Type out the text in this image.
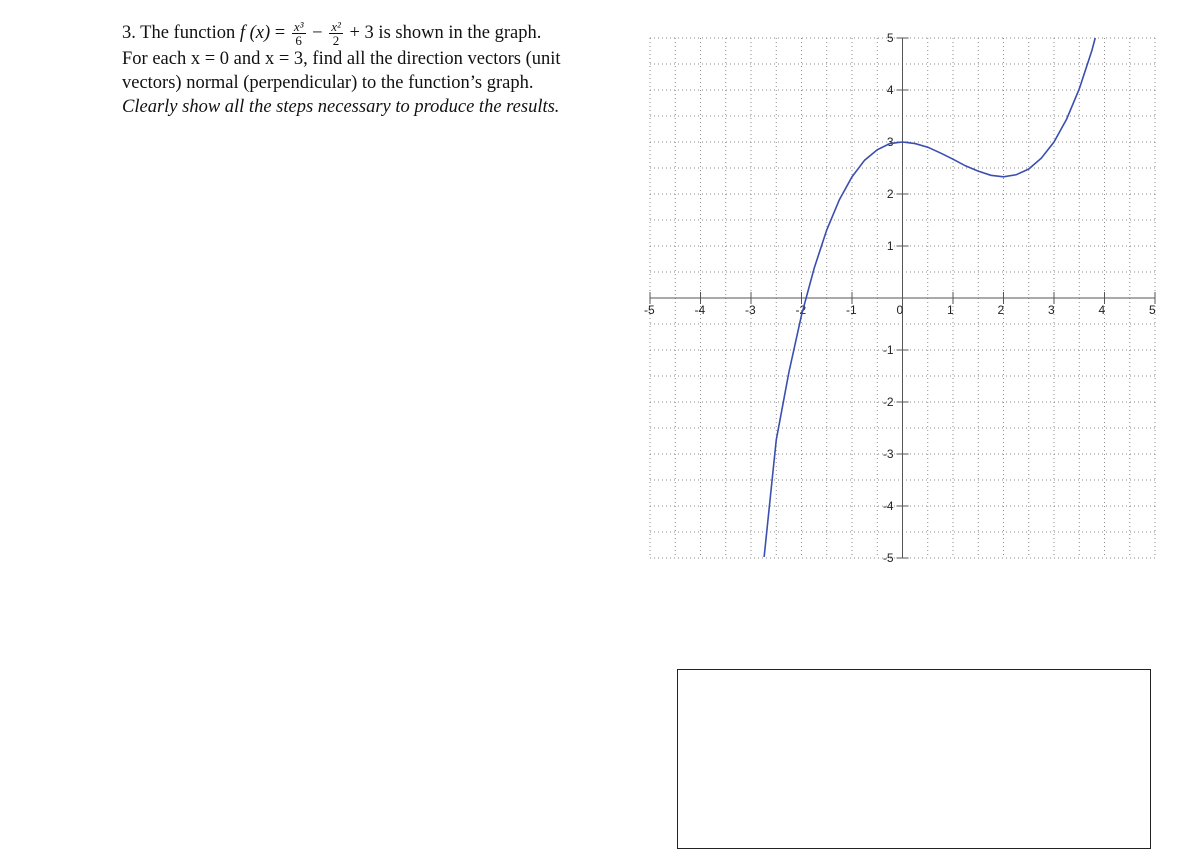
3. The function f $(x) = \frac{\text{x³}}{6} - \frac{\text{x²}}{2} + 3$ is shown in the graph.
For each x = 0 and x = 3, find all the direction vectors (unit
vectors) normal (perpendicular) to the function’s graph.
Clearly show all the steps necessary to produce the results.
-5	-4	-3	-2	-1	0	1	2	3	4	5
5
4
3
2
1
-1
-2
-3
-4
-5
